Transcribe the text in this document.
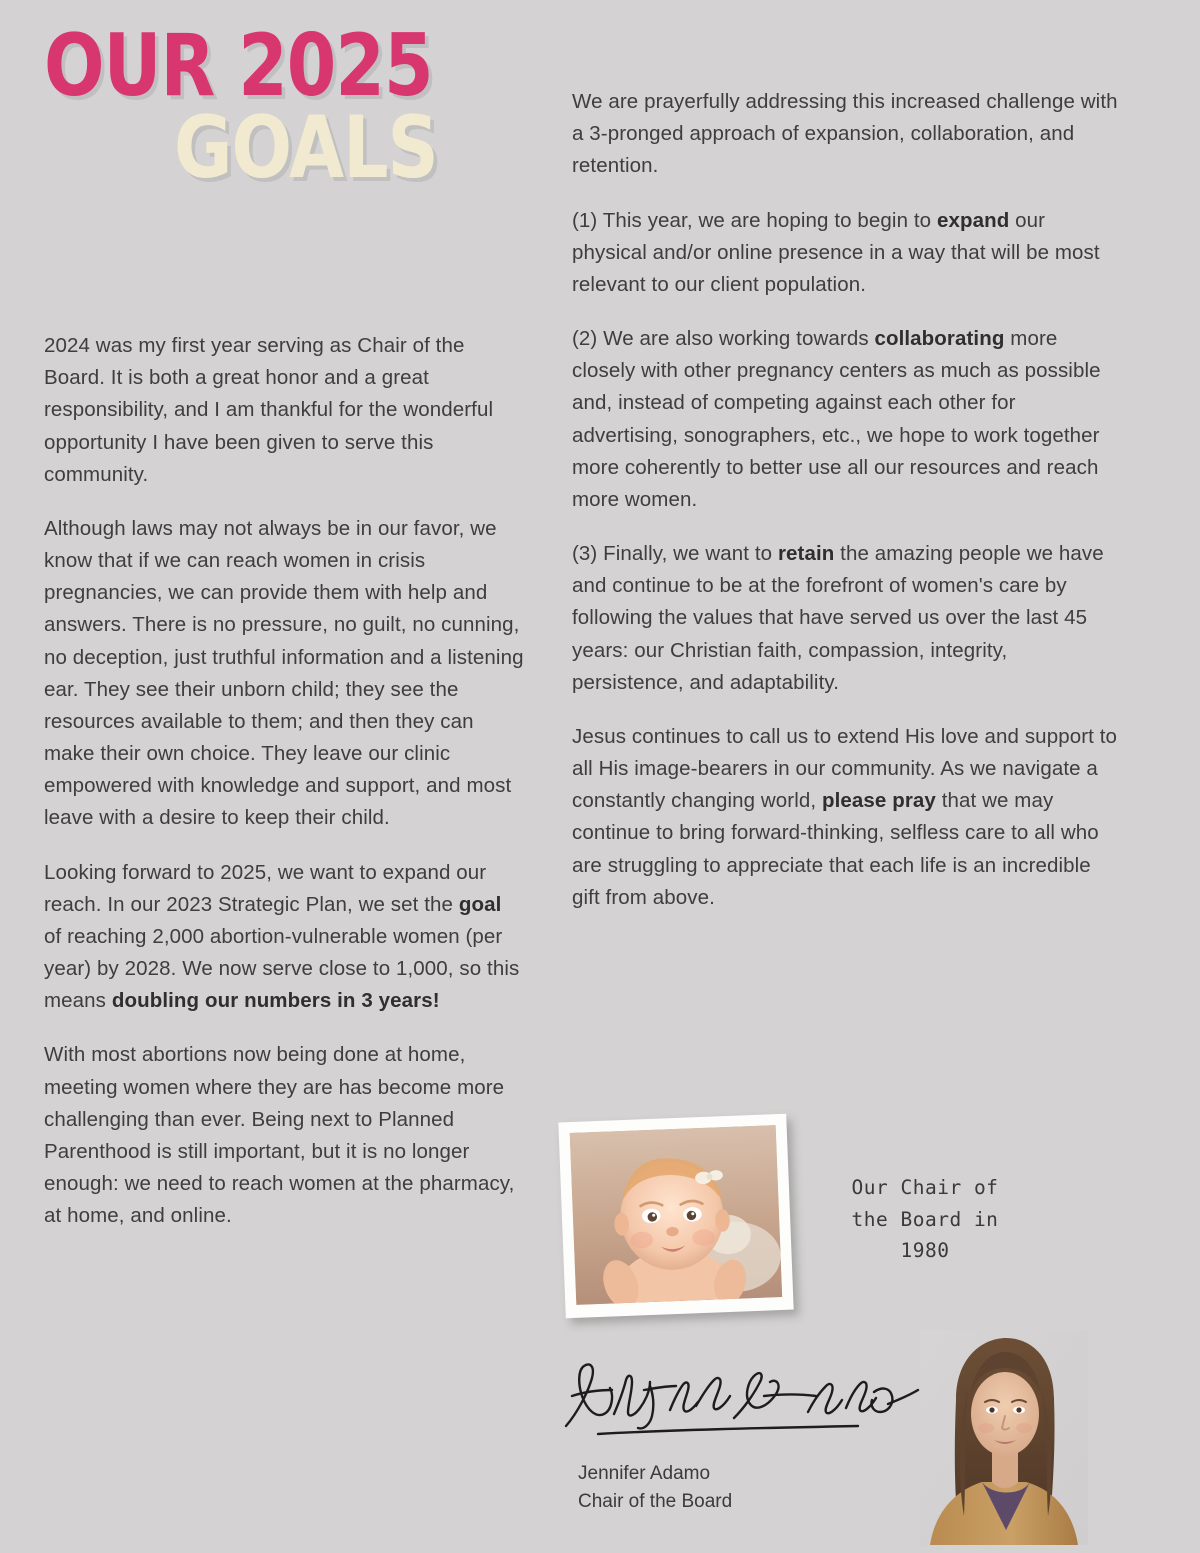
OUR 2025
GOALS

2024 was my first year serving as Chair of the Board. It is both a great honor and a great responsibility, and I am thankful for the wonderful opportunity I have been given to serve this community.

Although laws may not always be in our favor, we know that if we can reach women in crisis pregnancies, we can provide them with help and answers. There is no pressure, no guilt, no cunning, no deception, just truthful information and a listening ear. They see their unborn child; they see the resources available to them; and then they can make their own choice. They leave our clinic empowered with knowledge and support, and most leave with a desire to keep their child.

Looking forward to 2025, we want to expand our reach. In our 2023 Strategic Plan, we set the goal of reaching 2,000 abortion-vulnerable women (per year) by 2028. We now serve close to 1,000, so this means doubling our numbers in 3 years!

With most abortions now being done at home, meeting women where they are has become more challenging than ever. Being next to Planned Parenthood is still important, but it is no longer enough: we need to reach women at the pharmacy, at home, and online.

We are prayerfully addressing this increased challenge with a 3-pronged approach of expansion, collaboration, and retention.

(1) This year, we are hoping to begin to expand our physical and/or online presence in a way that will be most relevant to our client population.

(2) We are also working towards collaborating more closely with other pregnancy centers as much as possible and, instead of competing against each other for advertising, sonographers, etc., we hope to work together more coherently to better use all our resources and reach more women.

(3) Finally, we want to retain the amazing people we have and continue to be at the forefront of women's care by following the values that have served us over the last 45 years: our Christian faith, compassion, integrity, persistence, and adaptability.

Jesus continues to call us to extend His love and support to all His image-bearers in our community. As we navigate a constantly changing world, please pray that we may continue to bring forward-thinking, selfless care to all who are struggling to appreciate that each life is an incredible gift from above.

Our Chair of the Board in 1980
Jennifer Adamo
Chair of the Board
